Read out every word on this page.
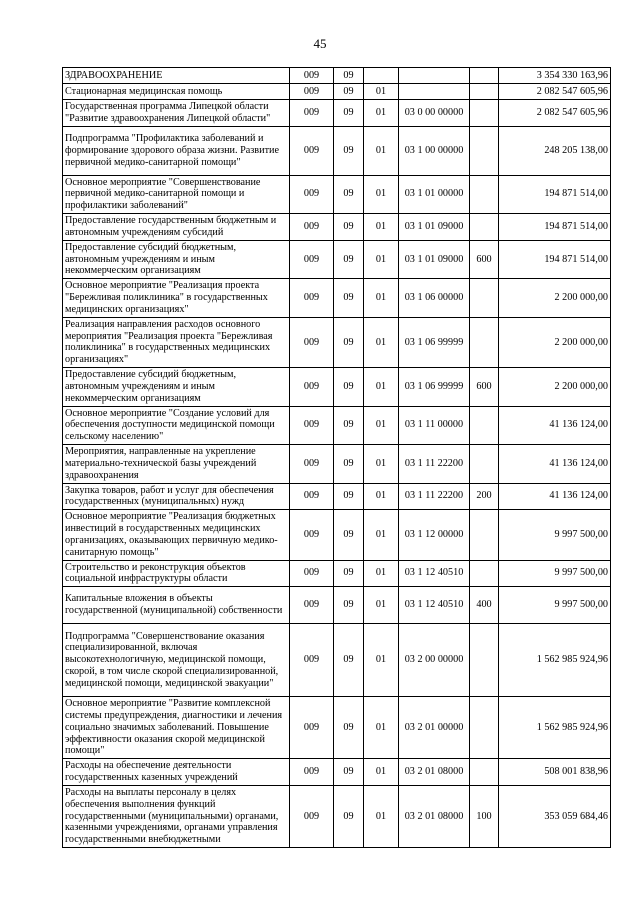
45
ЗДРАВООХРАНЕНИЕ	009	09				3 354 330 163,96
Стационарная медицинская помощь	009	09	01			2 082 547 605,96
Государственная программа Липецкой области "Развитие здравоохранения Липецкой области"	009	09	01	03 0 00 00000		2 082 547 605,96
Подпрограмма "Профилактика заболеваний и формирование здорового образа жизни. Развитие первичной медико-санитарной помощи"	009	09	01	03 1 00 00000		248 205 138,00
Основное мероприятие "Совершенствование первичной медико-санитарной помощи и профилактики заболеваний"	009	09	01	03 1 01 00000		194 871 514,00
Предоставление государственным бюджетным и автономным учреждениям субсидий	009	09	01	03 1 01 09000		194 871 514,00
Предоставление субсидий бюджетным, автономным учреждениям и иным некоммерческим организациям	009	09	01	03 1 01 09000	600	194 871 514,00
Основное мероприятие "Реализация проекта "Бережливая поликлиника" в государственных медицинских организациях"	009	09	01	03 1 06 00000		2 200 000,00
Реализация направления расходов основного мероприятия "Реализация проекта "Бережливая поликлиника" в государственных медицинских организациях"	009	09	01	03 1 06 99999		2 200 000,00
Предоставление субсидий бюджетным, автономным учреждениям и иным некоммерческим организациям	009	09	01	03 1 06 99999	600	2 200 000,00
Основное мероприятие "Создание условий для обеспечения доступности медицинской помощи сельскому населению"	009	09	01	03 1 11 00000		41 136 124,00
Мероприятия, направленные на укрепление материально-технической базы учреждений здравоохранения	009	09	01	03 1 11 22200		41 136 124,00
Закупка товаров, работ и услуг для обеспечения государственных (муниципальных) нужд	009	09	01	03 1 11 22200	200	41 136 124,00
Основное мероприятие "Реализация бюджетных инвестиций в государственных медицинских организациях, оказывающих первичную медико-санитарную помощь"	009	09	01	03 1 12 00000		9 997 500,00
Строительство и реконструкция объектов социальной инфраструктуры области	009	09	01	03 1 12 40510		9 997 500,00
Капитальные вложения в объекты государственной (муниципальной) собственности	009	09	01	03 1 12 40510	400	9 997 500,00
Подпрограмма "Совершенствование оказания специализированной, включая высокотехнологичную, медицинской помощи, скорой, в том числе скорой специализированной, медицинской помощи, медицинской эвакуации"	009	09	01	03 2 00 00000		1 562 985 924,96
Основное мероприятие "Развитие комплексной системы предупреждения, диагностики и лечения социально значимых заболеваний. Повышение эффективности оказания скорой медицинской помощи"	009	09	01	03 2 01 00000		1 562 985 924,96
Расходы на обеспечение деятельности государственных казенных учреждений	009	09	01	03 2 01 08000		508 001 838,96
Расходы на выплаты персоналу в целях обеспечения выполнения функций государственными (муниципальными) органами, казенными учреждениями, органами управления государственными внебюджетными	009	09	01	03 2 01 08000	100	353 059 684,46
